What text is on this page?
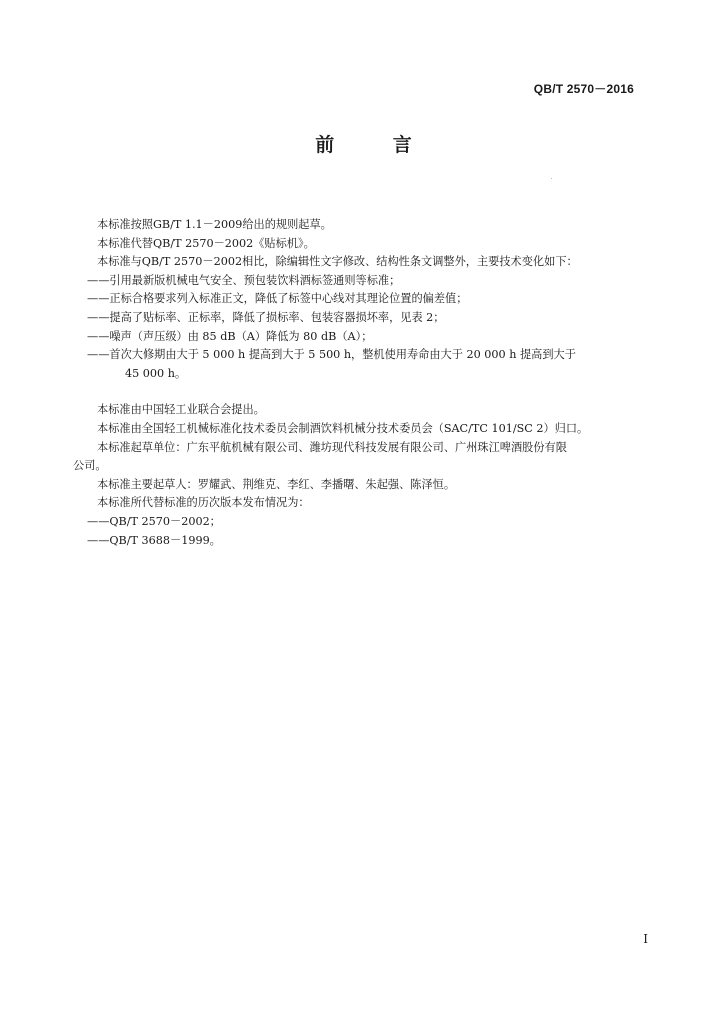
QB/T 2570－2016
前 言

本标准按照GB/T 1.1－2009给出的规则起草。

本标准代替QB/T 2570－2002《贴标机》。

本标准与QB/T 2570－2002相比，除编辑性文字修改、结构性条文调整外，主要技术变化如下：

——引用最新版机械电气安全、预包装饮料酒标签通则等标准；

——正标合格要求列入标准正文，降低了标签中心线对其理论位置的偏差值；

——提高了贴标率、正标率，降低了损标率、包装容器损坏率，见表 2；

——噪声（声压级）由 85 dB（A）降低为 80 dB（A）；

——首次大修期由大于 5 000 h 提高到大于 5 500 h，整机使用寿命由大于 20 000 h 提高到大于

45 000 h。

本标准由中国轻工业联合会提出。

本标准由全国轻工机械标准化技术委员会制酒饮料机械分技术委员会（SAC/TC 101/SC 2）归口。

本标准起草单位：广东平航机械有限公司、潍坊现代科技发展有限公司、广州珠江啤酒股份有限

公司。

本标准主要起草人：罗耀武、荆维克、李红、李播曙、朱起强、陈泽恒。

本标准所代替标准的历次版本发布情况为：

——QB/T 2570－2002；

——QB/T 3688－1999。

I
